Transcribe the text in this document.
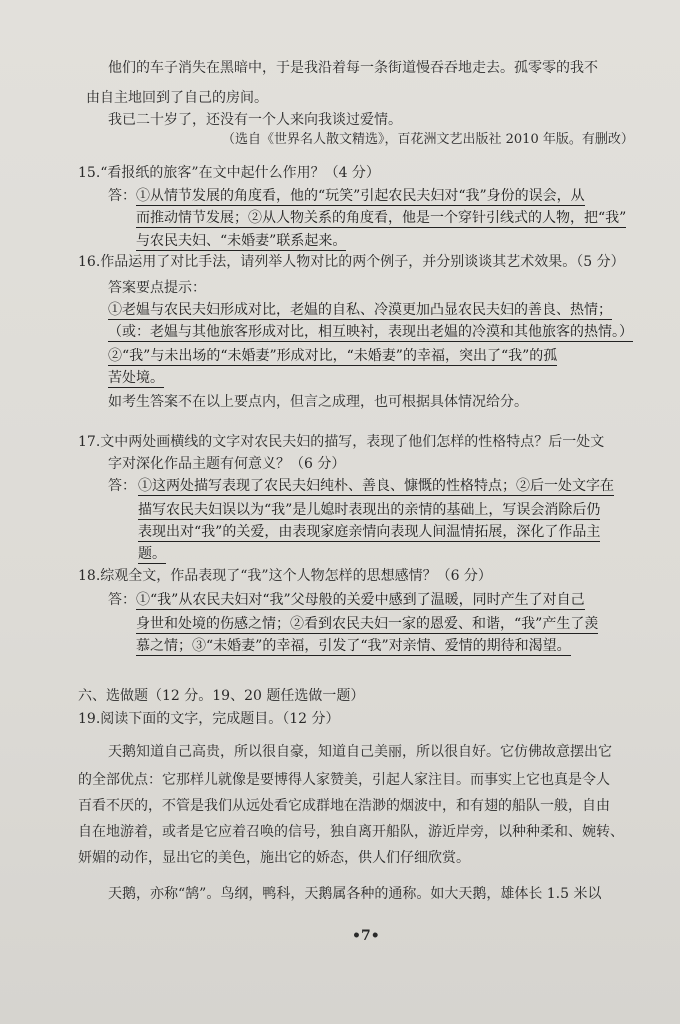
他们的车子消失在黑暗中，于是我沿着每一条街道慢吞吞地走去。孤零零的我不
由自主地回到了自己的房间。
我已二十岁了，还没有一个人来向我谈过爱情。
（选自《世界名人散文精选》，百花洲文艺出版社 2010 年版。有删改）
15.“看报纸的旅客”在文中起什么作用？（4 分）
答： ①从情节发展的角度看，他的“玩笑”引起农民夫妇对“我”身份的误会，从
而推动情节发展；②从人物关系的角度看，他是一个穿针引线式的人物，把“我”
与农民夫妇、“未婚妻”联系起来。
16.作品运用了对比手法，请列举人物对比的两个例子，并分别谈谈其艺术效果。（5 分）
答案要点提示：
①老媪与农民夫妇形成对比，老媪的自私、冷漠更加凸显农民夫妇的善良、热情；
（或：老媪与其他旅客形成对比，相互映衬，表现出老媪的冷漠和其他旅客的热情。）
②“我”与未出场的“未婚妻”形成对比，“未婚妻”的幸福，突出了“我”的孤
苦处境。
如考生答案不在以上要点内，但言之成理，也可根据具体情况给分。
17.文中两处画横线的文字对农民夫妇的描写，表现了他们怎样的性格特点？后一处文
字对深化作品主题有何意义？（6 分）
答： ①这两处描写表现了农民夫妇纯朴、善良、慷慨的性格特点；②后一处文字在
描写农民夫妇误以为“我”是儿媳时表现出的亲情的基础上，写误会消除后仍
表现出对“我”的关爱，由表现家庭亲情向表现人间温情拓展，深化了作品主
题。
18.综观全文，作品表现了“我”这个人物怎样的思想感情？（6 分）
答： ①“我”从农民夫妇对“我”父母般的关爱中感到了温暖，同时产生了对自己
身世和处境的伤感之情；②看到农民夫妇一家的恩爱、和谐，“我”产生了羡
慕之情；③“未婚妻”的幸福，引发了“我”对亲情、爱情的期待和渴望。
六、选做题（12 分。19、20 题任选做一题）
19.阅读下面的文字，完成题目。（12 分）
天鹅知道自己高贵，所以很自豪，知道自己美丽，所以很自好。它仿佛故意摆出它
的全部优点：它那样儿就像是要博得人家赞美，引起人家注目。而事实上它也真是令人
百看不厌的，不管是我们从远处看它成群地在浩渺的烟波中，和有翅的船队一般，自由
自在地游着，或者是它应着召唤的信号，独自离开船队，游近岸旁，以种种柔和、婉转、
妍媚的动作，显出它的美色，施出它的娇态，供人们仔细欣赏。
天鹅，亦称“鹄”。鸟纲，鸭科，天鹅属各种的通称。如大天鹅，雄体长 1.5 米以
•7•
